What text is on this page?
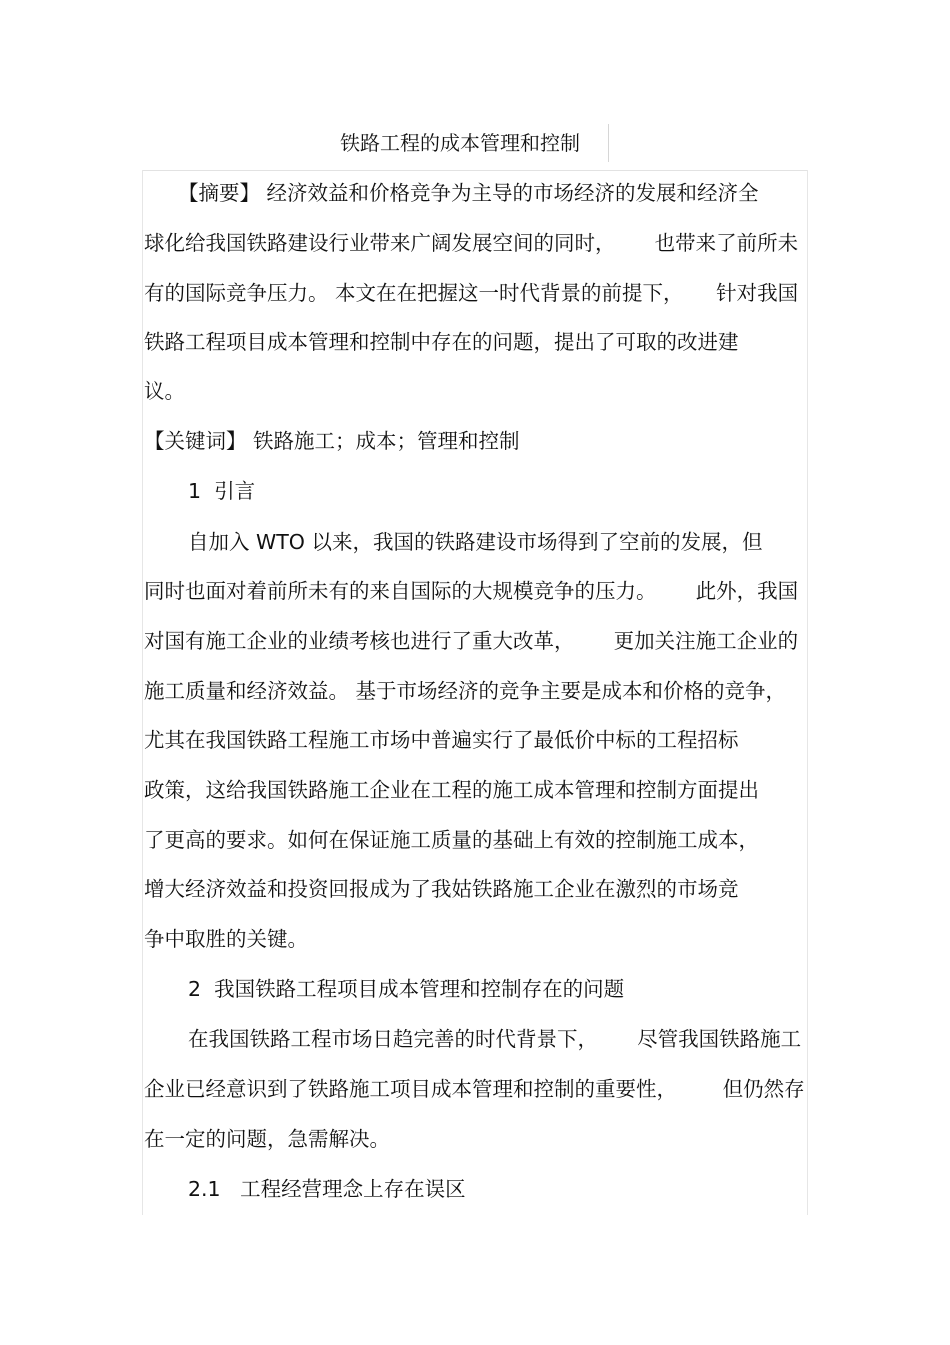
铁路工程的成本管理和控制
【摘要】 经济效益和价格竞争为主导的市场经济的发展和经济全
球化给我国铁路建设行业带来广阔发展空间的同时，      也带来了前所未
有的国际竞争压力。 本文在在把握这一时代背景的前提下，     针对我国
铁路工程项目成本管理和控制中存在的问题，提出了可取的改进建
议。
【关键词】 铁路施工；成本；管理和控制
1  引言
自加入 WTO 以来，我国的铁路建设市场得到了空前的发展，但
同时也面对着前所未有的来自国际的大规模竞争的压力。      此外，我国
对国有施工企业的业绩考核也进行了重大改革，      更加关注施工企业的
施工质量和经济效益。 基于市场经济的竞争主要是成本和价格的竞争，
尤其在我国铁路工程施工市场中普遍实行了最低价中标的工程招标
政策，这给我国铁路施工企业在工程的施工成本管理和控制方面提出
了更高的要求。如何在保证施工质量的基础上有效的控制施工成本，
增大经济效益和投资回报成为了我姑铁路施工企业在激烈的市场竞
争中取胜的关键。
2  我国铁路工程项目成本管理和控制存在的问题
在我国铁路工程市场日趋完善的时代背景下，      尽管我国铁路施工
企业已经意识到了铁路施工项目成本管理和控制的重要性，       但仍然存
在一定的问题，急需解决。
2.1   工程经营理念上存在误区
